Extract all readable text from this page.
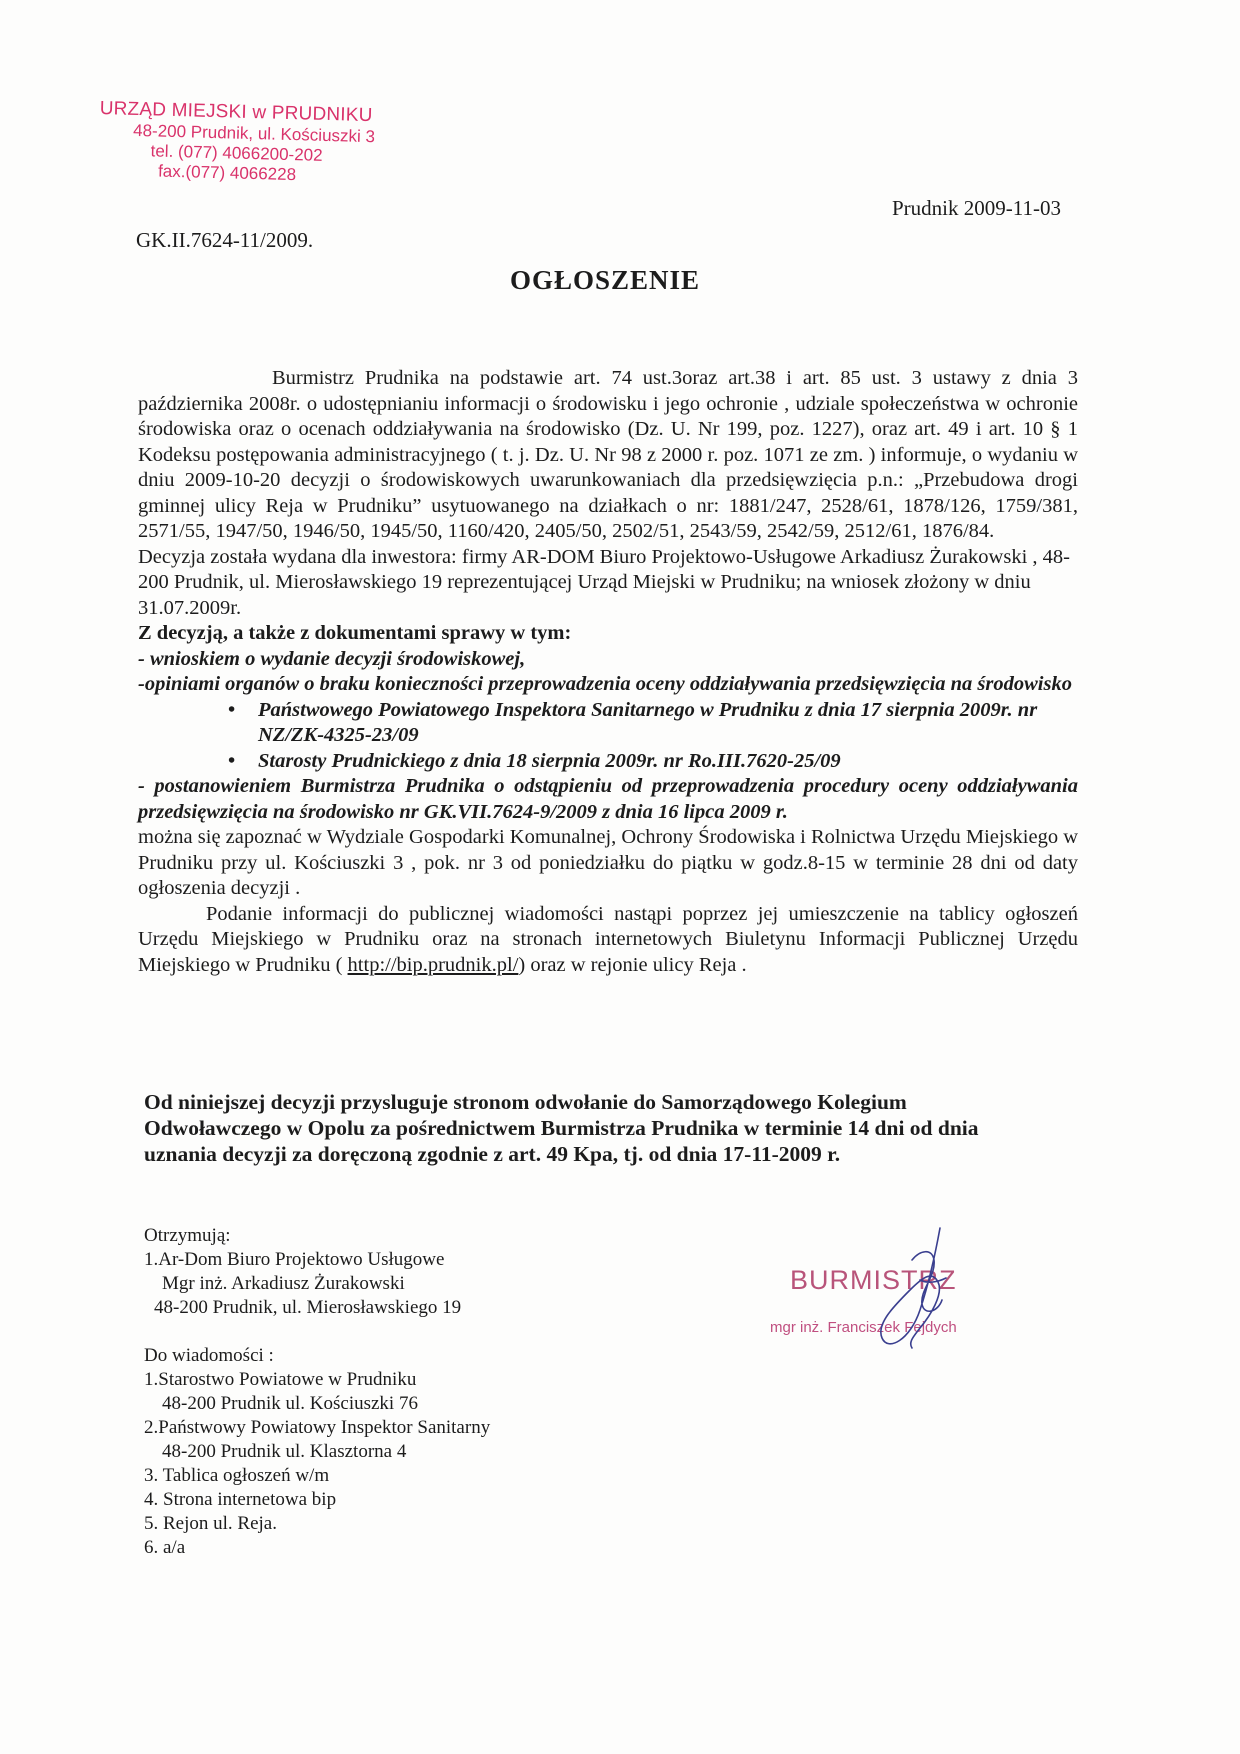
URZĄD MIEJSKI w PRUDNIKU
48-200 Prudnik, ul. Kościuszki 3
tel. (077) 4066200-202
fax.(077) 4066228
Prudnik 2009-11-03
GK.II.7624-11/2009.
OGŁOSZENIE

Burmistrz Prudnika na podstawie art. 74 ust.3oraz art.38 i art. 85 ust. 3 ustawy z dnia 3 października 2008r. o udostępnianiu informacji o środowisku i jego ochronie , udziale społeczeństwa w ochronie środowiska oraz o ocenach oddziaływania na środowisko (Dz. U. Nr 199, poz. 1227), oraz art. 49 i art. 10 § 1 Kodeksu postępowania administracyjnego ( t. j. Dz. U. Nr 98 z 2000 r. poz. 1071 ze zm. ) informuje, o wydaniu w dniu 2009-10-20 decyzji o środowiskowych uwarunkowaniach dla przedsięwzięcia p.n.: „Przebudowa drogi gminnej ulicy Reja w Prudniku” usytuowanego na działkach o nr: 1881/247, 2528/61, 1878/126, 1759/381, 2571/55, 1947/50, 1946/50, 1945/50, 1160/420, 2405/50, 2502/51, 2543/59, 2542/59, 2512/61, 1876/84.

Decyzja została wydana dla inwestora: firmy AR-DOM Biuro Projektowo-Usługowe Arkadiusz Żurakowski , 48-200 Prudnik, ul. Mierosławskiego 19 reprezentującej Urząd Miejski w Prudniku; na wniosek złożony w dniu 31.07.2009r.

Z decyzją, a także z dokumentami sprawy w tym:

- wnioskiem o wydanie decyzji środowiskowej,

-opiniami organów o braku konieczności przeprowadzenia oceny oddziaływania przedsięwzięcia na środowisko

• Państwowego Powiatowego Inspektora Sanitarnego w Prudniku z dnia 17 sierpnia 2009r. nr NZ/ZK-4325-23/09
• Starosty Prudnickiego z dnia 18 sierpnia 2009r. nr Ro.III.7620-25/09

- postanowieniem Burmistrza Prudnika o odstąpieniu od przeprowadzenia procedury oceny oddziaływania przedsięwzięcia na środowisko nr GK.VII.7624-9/2009 z dnia 16 lipca 2009 r.

można się zapoznać w Wydziale Gospodarki Komunalnej, Ochrony Środowiska i Rolnictwa Urzędu Miejskiego w Prudniku przy ul. Kościuszki 3 , pok. nr 3 od poniedziałku do piątku w godz.8-15 w terminie 28 dni od daty ogłoszenia decyzji .

Podanie informacji do publicznej wiadomości nastąpi poprzez jej umieszczenie na tablicy ogłoszeń Urzędu Miejskiego w Prudniku oraz na stronach internetowych Biuletynu Informacji Publicznej Urzędu Miejskiego w Prudniku ( http://bip.prudnik.pl/) oraz w rejonie ulicy Reja .

Od niniejszej decyzji przysluguje stronom odwołanie do Samorządowego Kolegium Odwoławczego w Opolu za pośrednictwem Burmistrza Prudnika w terminie 14 dni od dnia uznania decyzji za doręczoną zgodnie z art. 49 Kpa, tj. od dnia 17-11-2009 r.

Otrzymują:

1.Ar-Dom Biuro Projektowo Usługowe

Mgr inż. Arkadiusz Żurakowski

48-200 Prudnik, ul. Mierosławskiego 19

Do wiadomości :

1.Starostwo Powiatowe w Prudniku

48-200 Prudnik ul. Kościuszki 76

2.Państwowy Powiatowy Inspektor Sanitarny

48-200 Prudnik ul. Klasztorna 4

3. Tablica ogłoszeń w/m

4. Strona internetowa bip

5. Rejon ul. Reja.

6. a/a

BURMISTRZ
mgr inż. Franciszek Fejdych
